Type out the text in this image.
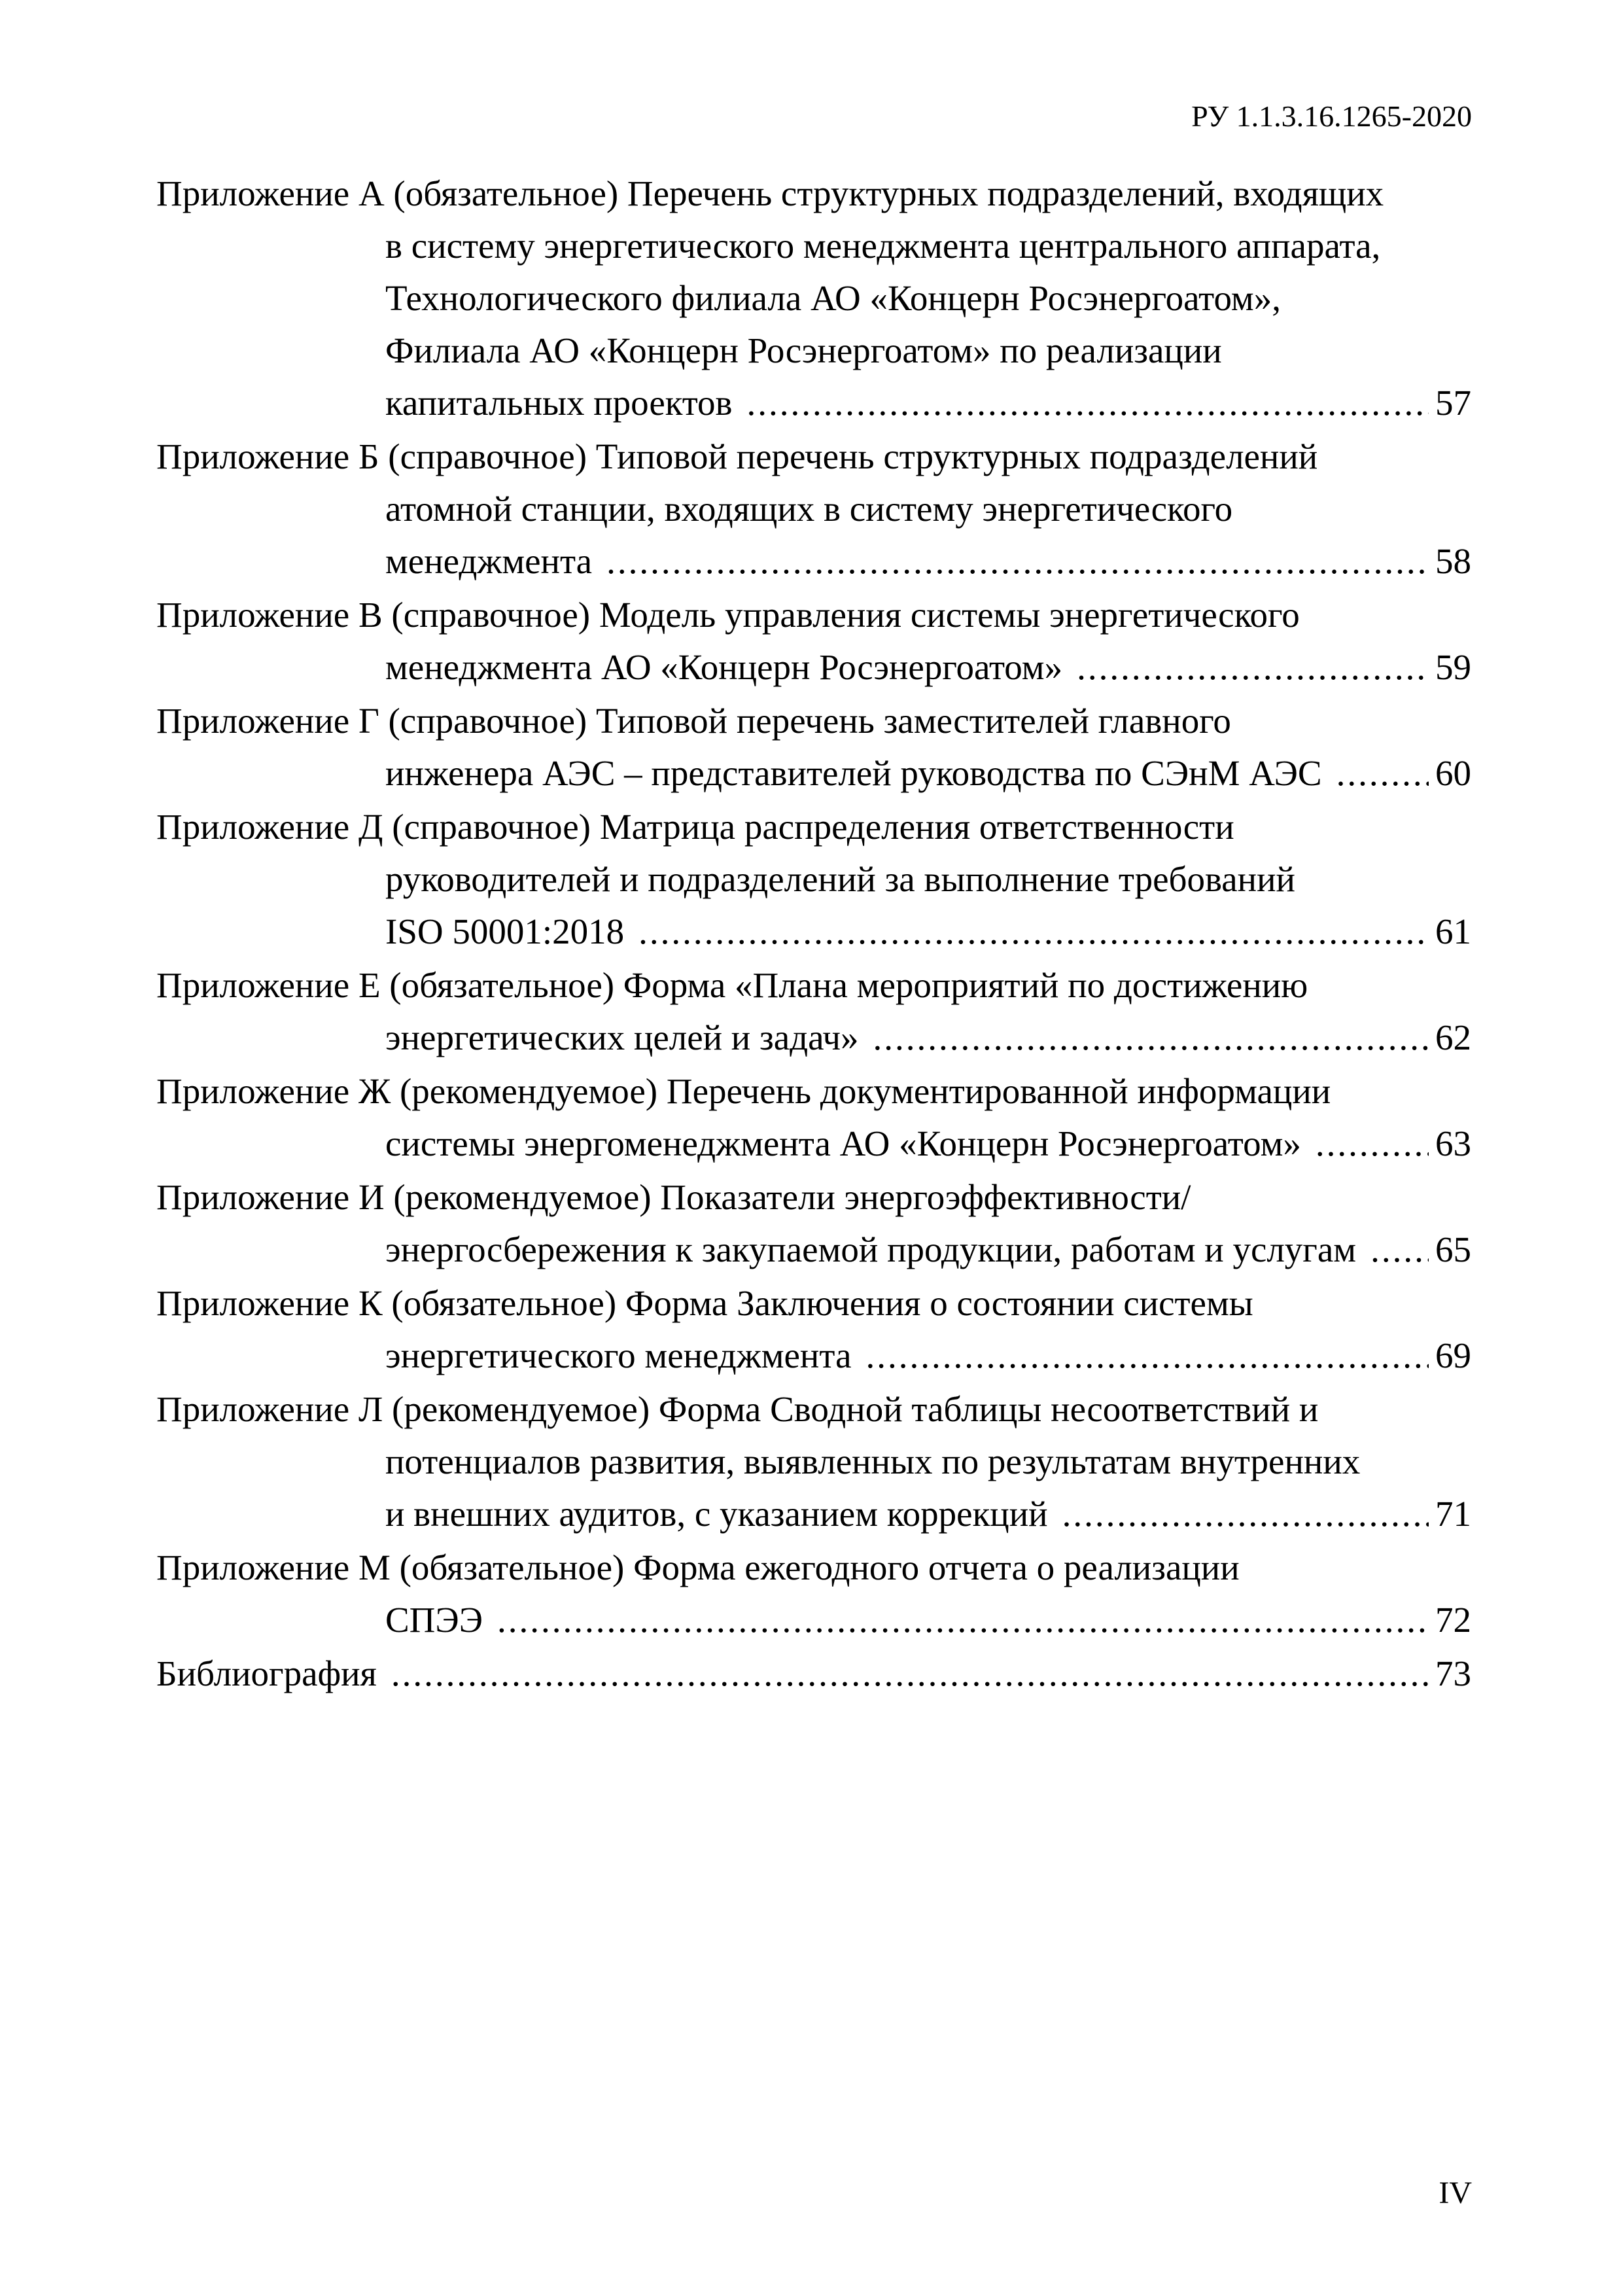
РУ 1.1.3.16.1265-2020
Приложение А (обязательное) Перечень структурных подразделений, входящих
в систему энергетического менеджмента центрального аппарата,
Технологического филиала АО «Концерн Росэнергоатом»,
Филиала АО «Концерн Росэнергоатом» по реализации
капитальных проектов .....	57
Приложение Б (справочное) Типовой перечень структурных подразделений
атомной станции, входящих в систему энергетического
менеджмента .....	58
Приложение В (справочное) Модель управления системы энергетического
менеджмента АО «Концерн Росэнергоатом» .....	59
Приложение Г (справочное) Типовой перечень заместителей главного
инженера АЭС – представителей руководства по СЭнМ АЭС .....	60
Приложение Д (справочное) Матрица распределения ответственности
руководителей и подразделений за выполнение требований
ISO 50001:2018 .....	61
Приложение Е (обязательное) Форма «Плана мероприятий по достижению
энергетических целей и задач» .....	62
Приложение Ж (рекомендуемое) Перечень документированной информации
системы энергоменеджмента АО «Концерн Росэнергоатом» .....	63
Приложение И (рекомендуемое) Показатели энергоэффективности/
энергосбережения к закупаемой продукции, работам и услугам ..... 65
Приложение К (обязательное) Форма Заключения о состоянии системы
энергетического менеджмента .....	69
Приложение Л (рекомендуемое) Форма Сводной таблицы несоответствий и
потенциалов развития, выявленных по результатам внутренних
и внешних аудитов, с указанием коррекций .....	71
Приложение М (обязательное) Форма ежегодного отчета о реализации
СПЭЭ .....	72
Библиография .....	73
IV
